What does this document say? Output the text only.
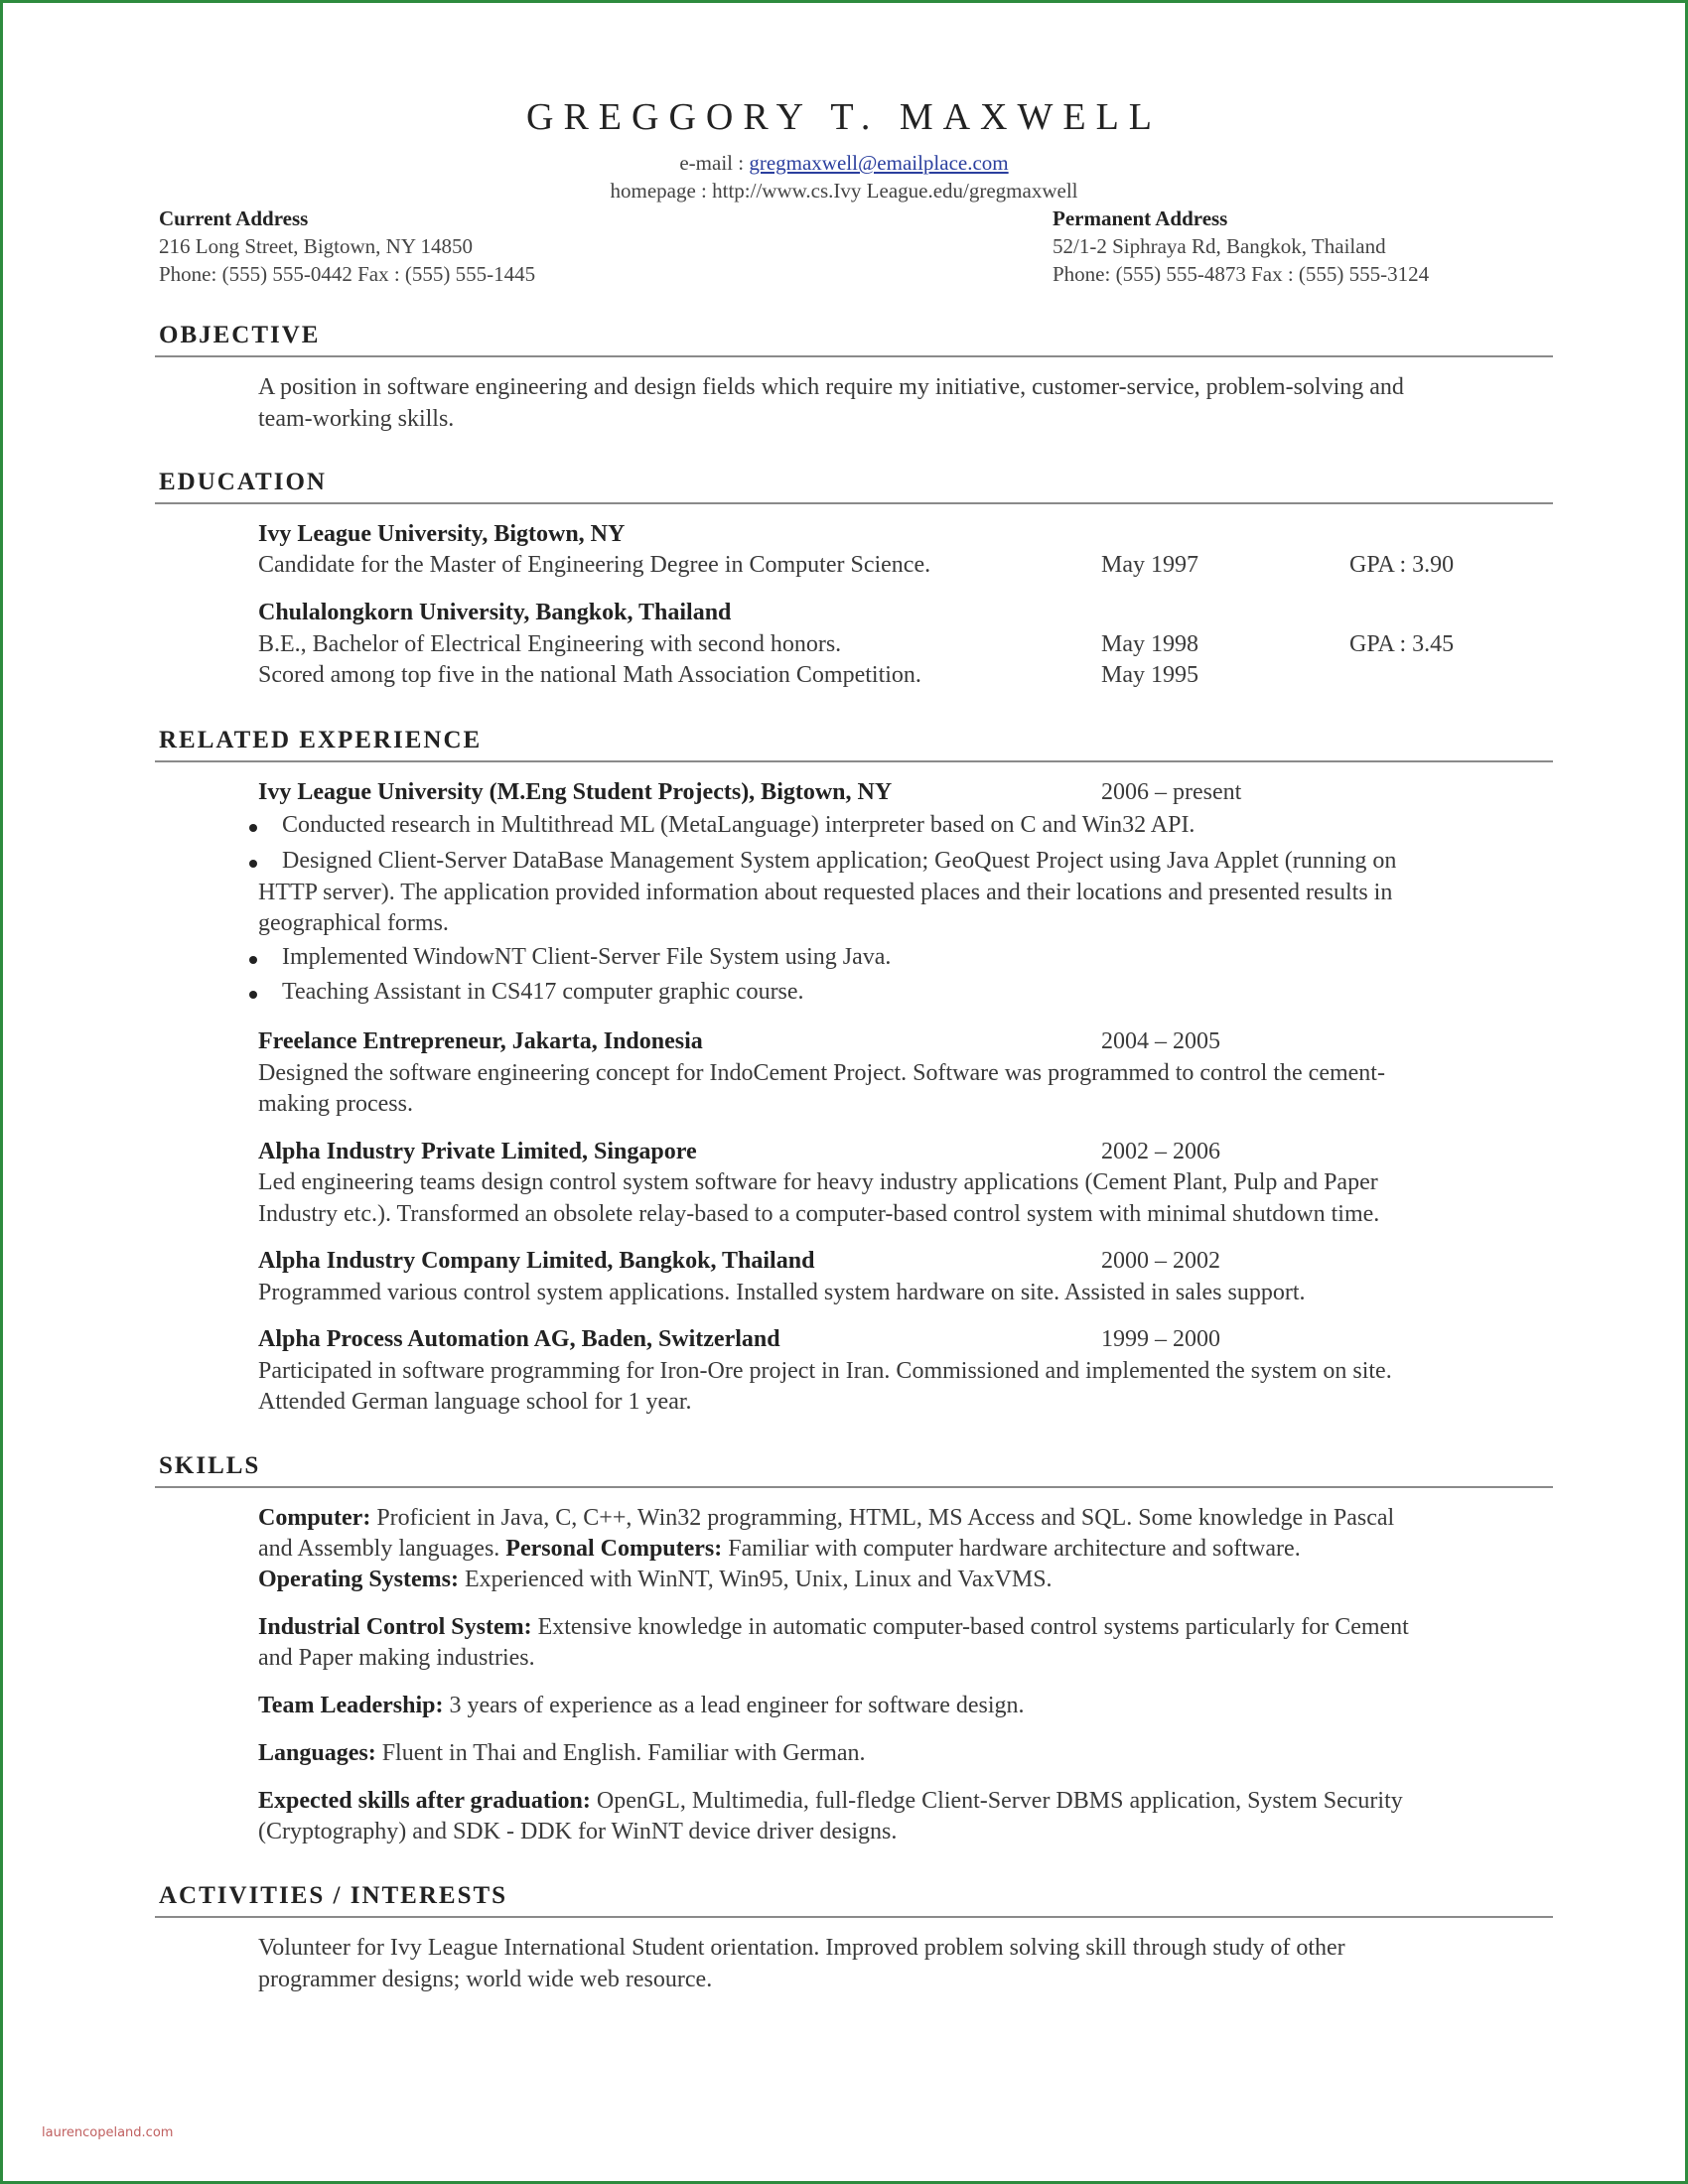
GREGGORY T. MAXWELL
e-mail : gregmaxwell@emailplace.com
homepage : http://www.cs.Ivy League.edu/gregmaxwell
Current Address
216 Long Street, Bigtown, NY 14850
Phone: (555) 555-0442 Fax : (555) 555-1445
Permanent Address
52/1-2 Siphraya Rd, Bangkok, Thailand
Phone: (555) 555-4873 Fax : (555) 555-3124
OBJECTIVE
A position in software engineering and design fields which require my initiative, customer-service, problem-solving and
team-working skills.
EDUCATION
Ivy League University, Bigtown, NY
Candidate for the Master of Engineering Degree in Computer Science.	May 1997	GPA : 3.90
Chulalongkorn University, Bangkok, Thailand
B.E., Bachelor of Electrical Engineering with second honors.	May 1998	GPA : 3.45
Scored among top five in the national Math Association Competition.	May 1995
RELATED EXPERIENCE
Ivy League University (M.Eng Student Projects), Bigtown, NY	2006 – present
Conducted research in Multithread ML (MetaLanguage) interpreter based on C and Win32 API.
Designed Client-Server DataBase Management System application; GeoQuest Project using Java Applet (running on
HTTP server). The application provided information about requested places and their locations and presented results in
geographical forms.
Implemented WindowNT Client-Server File System using Java.
Teaching Assistant in CS417 computer graphic course.
Freelance Entrepreneur, Jakarta, Indonesia	2004 – 2005
Designed the software engineering concept for IndoCement Project. Software was programmed to control the cement-
making process.
Alpha Industry Private Limited, Singapore	2002 – 2006
Led engineering teams design control system software for heavy industry applications (Cement Plant, Pulp and Paper
Industry etc.). Transformed an obsolete relay-based to a computer-based control system with minimal shutdown time.
Alpha Industry Company Limited, Bangkok, Thailand	2000 – 2002
Programmed various control system applications. Installed system hardware on site. Assisted in sales support.
Alpha Process Automation AG, Baden, Switzerland	1999 – 2000
Participated in software programming for Iron-Ore project in Iran. Commissioned and implemented the system on site.
Attended German language school for 1 year.
SKILLS
Computer: Proficient in Java, C, C++, Win32 programming, HTML, MS Access and SQL. Some knowledge in Pascal
and Assembly languages. Personal Computers: Familiar with computer hardware architecture and software.
Operating Systems: Experienced with WinNT, Win95, Unix, Linux and VaxVMS.
Industrial Control System: Extensive knowledge in automatic computer-based control systems particularly for Cement
and Paper making industries.
Team Leadership: 3 years of experience as a lead engineer for software design.
Languages: Fluent in Thai and English. Familiar with German.
Expected skills after graduation: OpenGL, Multimedia, full-fledge Client-Server DBMS application, System Security
(Cryptography) and SDK - DDK for WinNT device driver designs.
ACTIVITIES / INTERESTS
Volunteer for Ivy League International Student orientation. Improved problem solving skill through study of other
programmer designs; world wide web resource.
laurencopeland.com
